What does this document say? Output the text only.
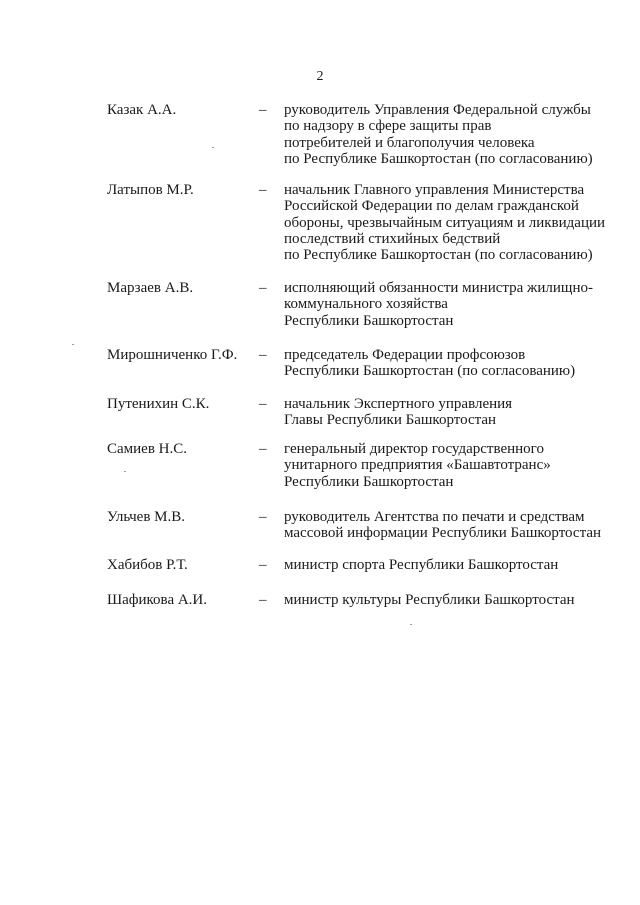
2
Казак А.А.	– руководитель Управления Федеральной службы
по надзору в сфере защиты прав
потребителей и благополучия человека
по Республике Башкортостан (по согласованию)
Латыпов М.Р.	– начальник Главного управления Министерства
Российской Федерации по делам гражданской
обороны, чрезвычайным ситуациям и ликвидации
последствий стихийных бедствий
по Республике Башкортостан (по согласованию)
Марзаев А.В.	– исполняющий обязанности министра жилищно-
коммунального хозяйства
Республики Башкортостан
Мирошниченко Г.Ф. – председатель Федерации профсоюзов
Республики Башкортостан (по согласованию)
Путенихин С.К.	– начальник Экспертного управления
Главы Республики Башкортостан
Самиев Н.С.	– генеральный директор государственного
унитарного предприятия «Башавтотранс»
Республики Башкортостан
Ульчев М.В.	– руководитель Агентства по печати и средствам
массовой информации Республики Башкортостан
Хабибов Р.Т.	– министр спорта Республики Башкортостан
Шафикова А.И.	– министр культуры Республики Башкортостан
